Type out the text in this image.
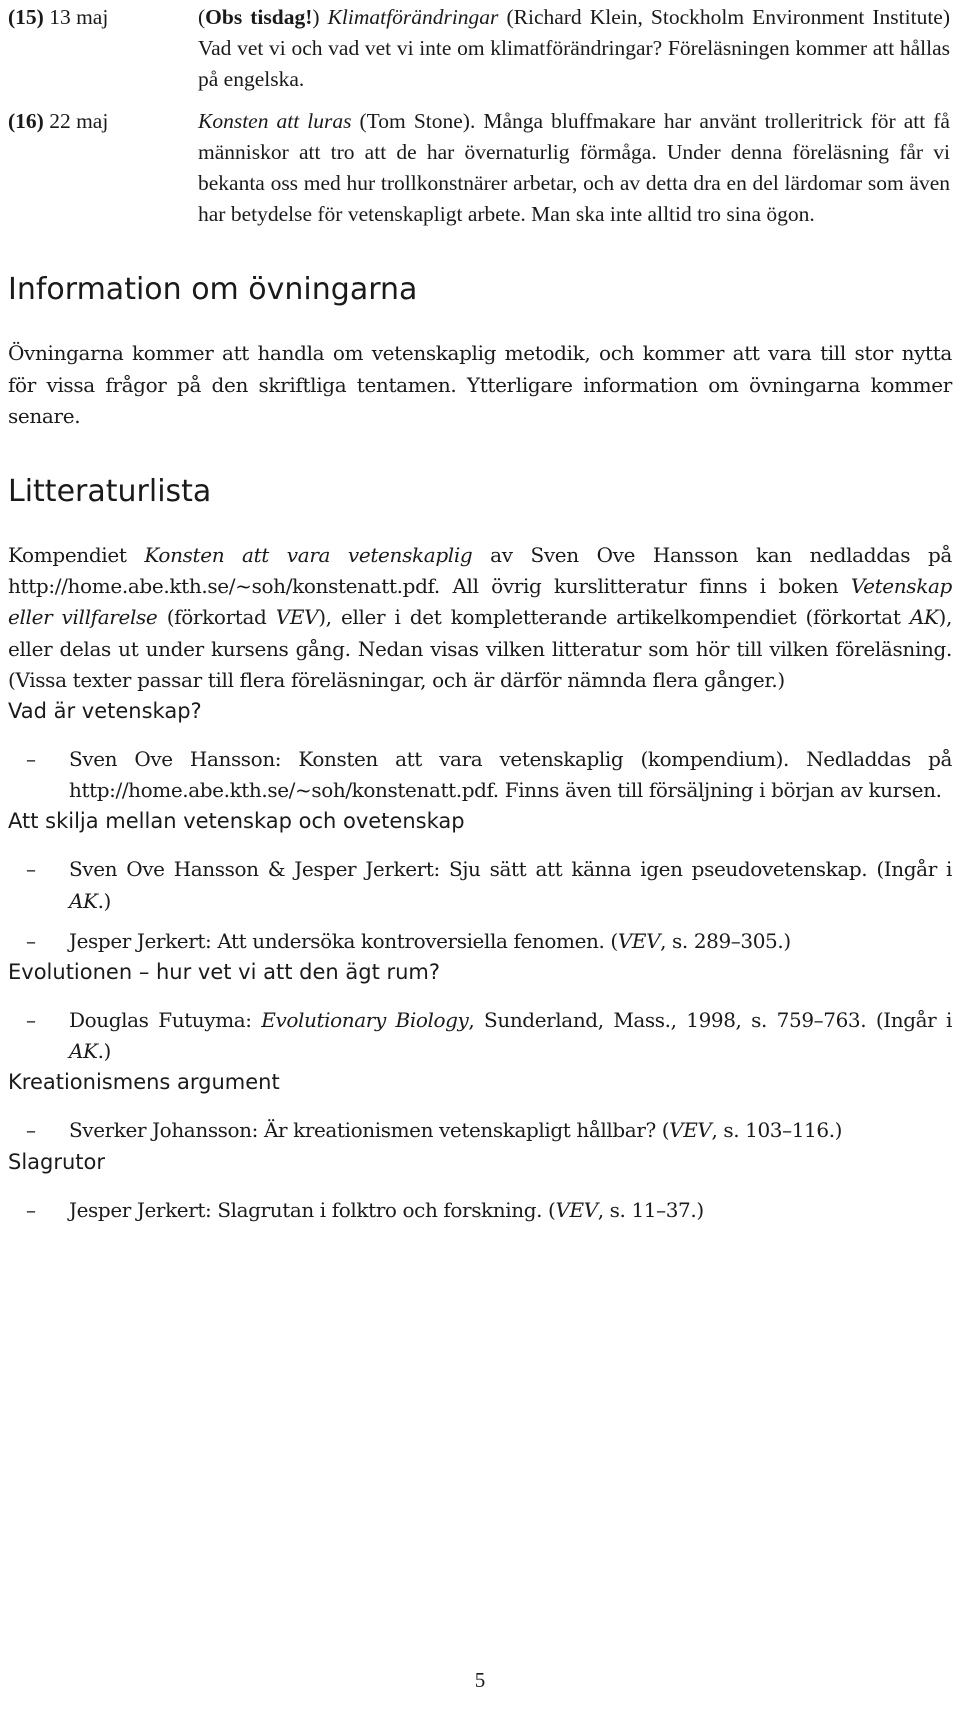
(15) 13 maj	(Obs tisdag!) Klimatförändringar (Richard Klein, Stockholm Environment Institute) Vad vet vi och vad vet vi inte om klimatförändringar? Föreläsningen kommer att hållas på engelska.
(16) 22 maj	Konsten att luras (Tom Stone). Många bluffmakare har använt trolleritrick för att få människor att tro att de har övernaturlig förmåga. Under denna föreläsning får vi bekanta oss med hur trollkonstnärer arbetar, och av detta dra en del lärdomar som även har betydelse för vetenskapligt arbete. Man ska inte alltid tro sina ögon.
Information om övningarna

Övningarna kommer att handla om vetenskaplig metodik, och kommer att vara till stor nytta för vissa frågor på den skriftliga tentamen. Ytterligare information om övningarna kommer senare.

Litteraturlista

Kompendiet Konsten att vara vetenskaplig av Sven Ove Hansson kan nedladdas på http://home.abe.kth.se/~soh/konstenatt.pdf. All övrig kurslitteratur finns i boken Vetenskap eller villfarelse (förkortad VEV), eller i det kompletterande artikelkompendiet (förkortat AK), eller delas ut under kursens gång. Nedan visas vilken litteratur som hör till vilken föreläsning. (Vissa texter passar till flera föreläsningar, och är därför nämnda flera gånger.)

Vad är vetenskap?
– Sven Ove Hansson: Konsten att vara vetenskaplig (kompendium). Nedladdas på http://home.abe.kth.se/~soh/konstenatt.pdf. Finns även till försäljning i början av kursen.
Att skilja mellan vetenskap och ovetenskap
– Sven Ove Hansson & Jesper Jerkert: Sju sätt att känna igen pseudovetenskap. (Ingår i AK.)
– Jesper Jerkert: Att undersöka kontroversiella fenomen. (VEV, s. 289–305.)
Evolutionen – hur vet vi att den ägt rum?
– Douglas Futuyma: Evolutionary Biology, Sunderland, Mass., 1998, s. 759–763. (Ingår i AK.)
Kreationismens argument
– Sverker Johansson: Är kreationismen vetenskapligt hållbar? (VEV, s. 103–116.)
Slagrutor
– Jesper Jerkert: Slagrutan i folktro och forskning. (VEV, s. 11–37.)
5
